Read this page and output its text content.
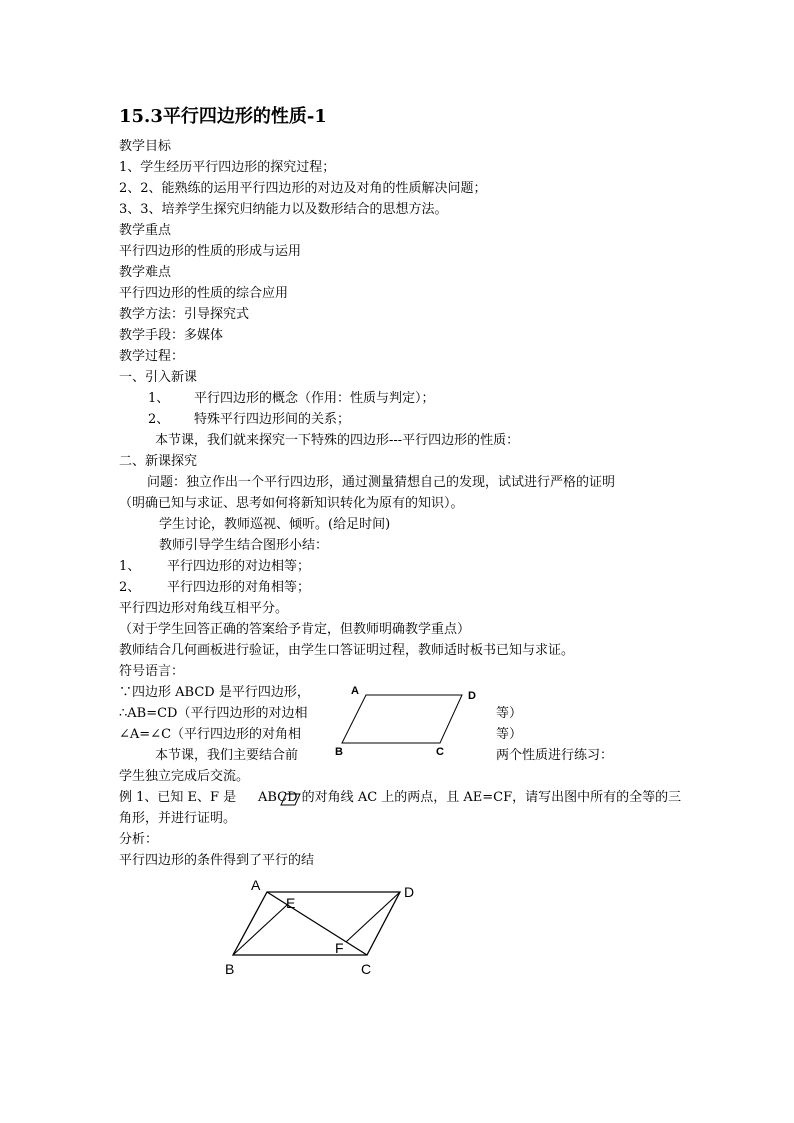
15.3平行四边形的性质-1
教学目标
1、学生经历平行四边形的探究过程；
2、2、能熟练的运用平行四边形的对边及对角的性质解决问题；
3、3、培养学生探究归纳能力以及数形结合的思想方法。
教学重点
平行四边形的性质的形成与运用
教学难点
平行四边形的性质的综合应用
教学方法：引导探究式
教学手段：多媒体
教学过程：
一、引入新课
1、 平行四边形的概念（作用：性质与判定）；
2、 特殊平行四边形间的关系；
本节课，我们就来探究一下特殊的四边形---平行四边形的性质：
二、新课探究
问题：独立作出一个平行四边形，通过测量猜想自己的发现，试试进行严格的证明
（明确已知与求证、思考如何将新知识转化为原有的知识）。
学生讨论，教师巡视、倾听。(给足时间)
教师引导学生结合图形小结：
1、 平行四边形的对边相等；
2、 平行四边形的对角相等；
平行四边形对角线互相平分。
（对于学生回答正确的答案给予肯定，但教师明确教学重点）
教师结合几何画板进行验证，由学生口答证明过程，教师适时板书已知与求证。
符号语言：
∵四边形 ABCD 是平行四边形，
∴AB=CD（平行四边形的对边相	等）
∠A=∠C（平行四边形的对角相	等）
本节课，我们主要结合前	两个性质进行练习：
学生独立完成后交流。
例 1、已知 E、F 是 ABCD 的对角线 AC 上的两点，且 AE=CF，请写出图中所有的全等的三
角形，并进行证明。
分析：
平行四边形的条件得到了平行的结
A	D
B	C
A	D
B	C
E
F
